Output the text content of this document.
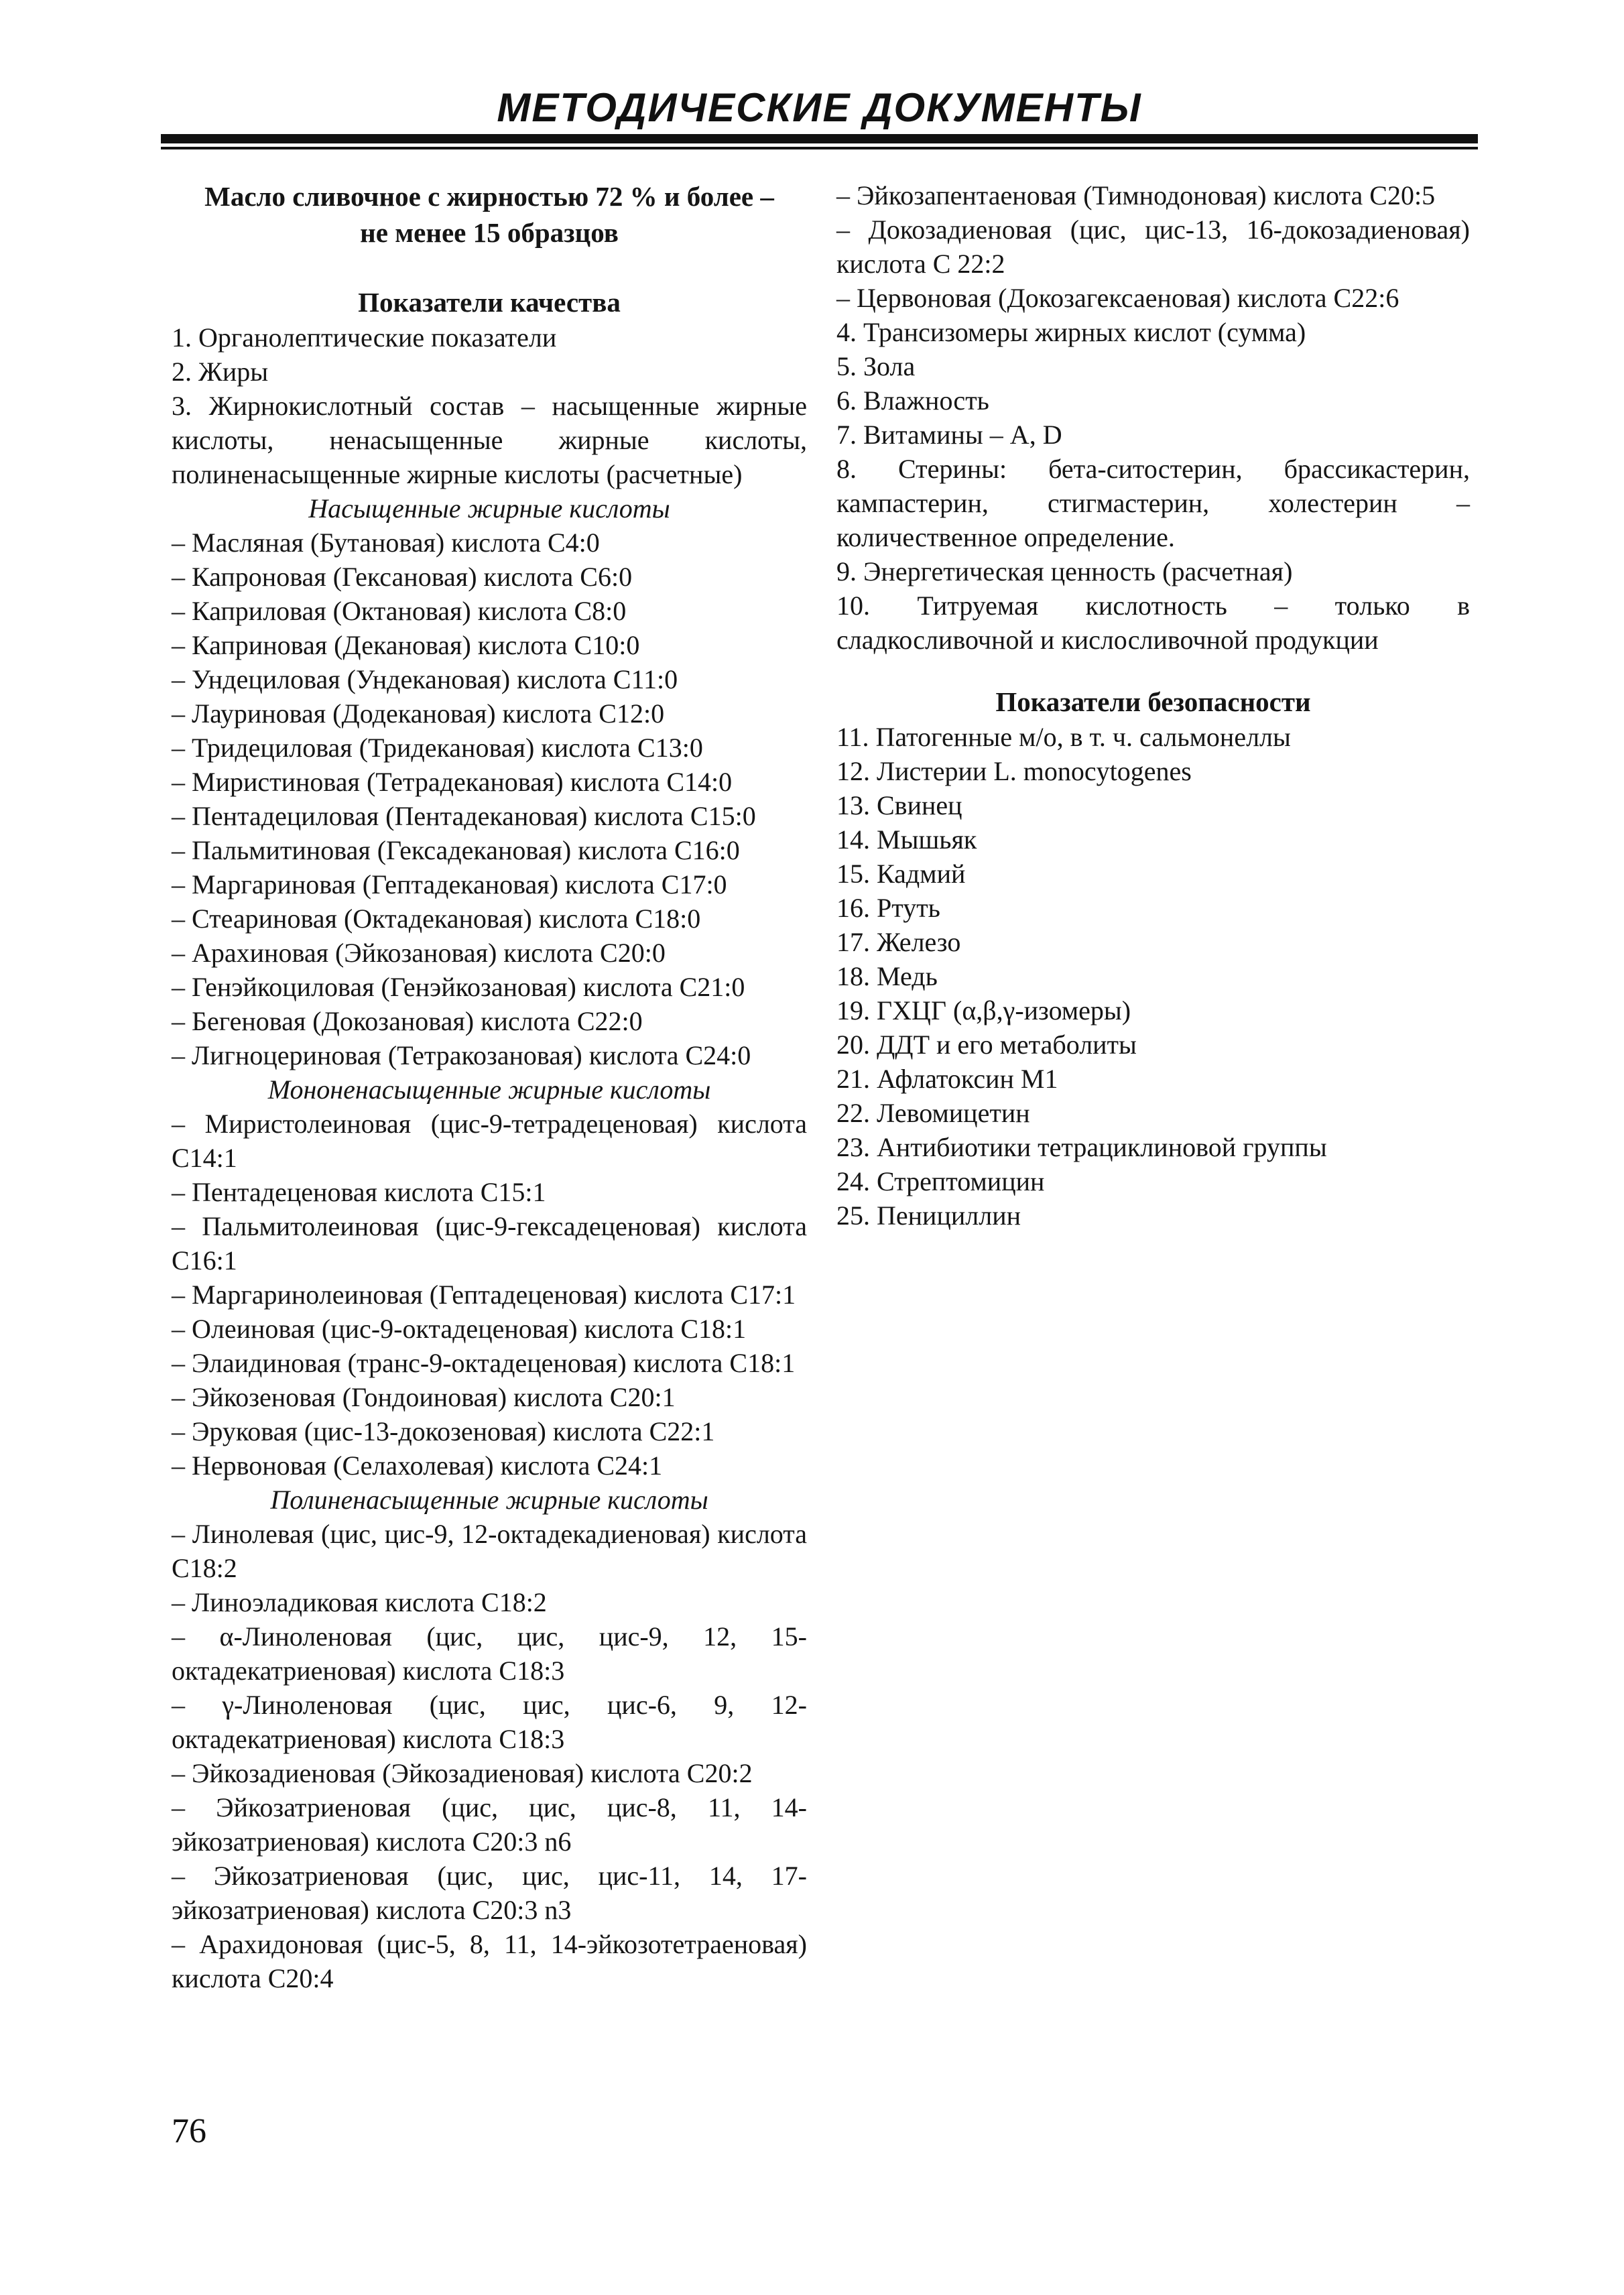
МЕТОДИЧЕСКИЕ ДОКУМЕНТЫ
Масло сливочное с жирностью 72 % и более –
не менее 15 образцов
Показатели качества
1. Органолептические показатели
2. Жиры
3. Жирнокислотный состав – насыщенные жирные кислоты, ненасыщенные жирные кислоты, полиненасыщенные жирные кислоты (расчетные)
Насыщенные жирные кислоты
– Масляная (Бутановая) кислота С4:0
– Капроновая (Гексановая) кислота С6:0
– Каприловая (Октановая) кислота С8:0
– Каприновая (Декановая) кислота С10:0
– Ундециловая (Ундекановая) кислота С11:0
– Лауриновая (Додекановая) кислота С12:0
– Тридециловая (Тридекановая) кислота С13:0
– Миристиновая (Тетрадекановая) кислота С14:0
– Пентадециловая (Пентадекановая) кислота С15:0
– Пальмитиновая (Гексадекановая) кислота С16:0
– Маргариновая (Гептадекановая) кислота С17:0
– Стеариновая (Октадекановая) кислота С18:0
– Арахиновая (Эйкозановая) кислота С20:0
– Генэйкоциловая (Генэйкозановая) кислота С21:0
– Бегеновая (Докозановая) кислота С22:0
– Лигноцериновая (Тетракозановая) кислота С24:0
Мононенасыщенные жирные кислоты
– Миристолеиновая (цис-9-тетрадеценовая) кислота С14:1
– Пентадеценовая кислота С15:1
– Пальмитолеиновая (цис-9-гексадеценовая) кислота С16:1
– Маргаринолеиновая (Гептадеценовая) кислота С17:1
– Олеиновая (цис-9-октадеценовая) кислота С18:1
– Элаидиновая (транс-9-октадеценовая) кислота С18:1
– Эйкозеновая (Гондоиновая) кислота С20:1
– Эруковая (цис-13-докозеновая) кислота С22:1
– Нервоновая (Селахолевая) кислота С24:1
Полиненасыщенные жирные кислоты
– Линолевая (цис, цис-9, 12-октадекадиеновая) кислота С18:2
– Линоэладиковая кислота С18:2
– α-Линоленовая (цис, цис, цис-9, 12, 15-октадекатриеновая) кислота С18:3
– γ-Линоленовая (цис, цис, цис-6, 9, 12-октадекатриеновая) кислота С18:3
– Эйкозадиеновая (Эйкозадиеновая) кислота С20:2
– Эйкозатриеновая (цис, цис, цис-8, 11, 14-эйкозатриеновая) кислота С20:3 n6
– Эйкозатриеновая (цис, цис, цис-11, 14, 17-эйкозатриеновая) кислота С20:3 n3
– Арахидоновая (цис-5, 8, 11, 14-эйкозотетраеновая) кислота С20:4
– Эйкозапентаеновая (Тимнодоновая) кислота С20:5
– Докозадиеновая (цис, цис-13, 16-докозадиеновая) кислота С 22:2
– Цервоновая (Докозагексаеновая) кислота С22:6
4. Трансизомеры жирных кислот (сумма)
5. Зола
6. Влажность
7. Витамины – А, D
8. Стерины: бета-ситостерин, брассикастерин, кампастерин, стигмастерин, холестерин – количественное определение.
9. Энергетическая ценность (расчетная)
10. Титруемая кислотность – только в сладкосливочной и кислосливочной продукции
Показатели безопасности
11. Патогенные м/о, в т. ч. сальмонеллы
12. Листерии L. monocytogenes
13. Свинец
14. Мышьяк
15. Кадмий
16. Ртуть
17. Железо
18. Медь
19. ГХЦГ (α,β,γ-изомеры)
20. ДДТ и его метаболиты
21. Афлатоксин М1
22. Левомицетин
23. Антибиотики тетрациклиновой группы
24. Стрептомицин
25. Пенициллин
76
